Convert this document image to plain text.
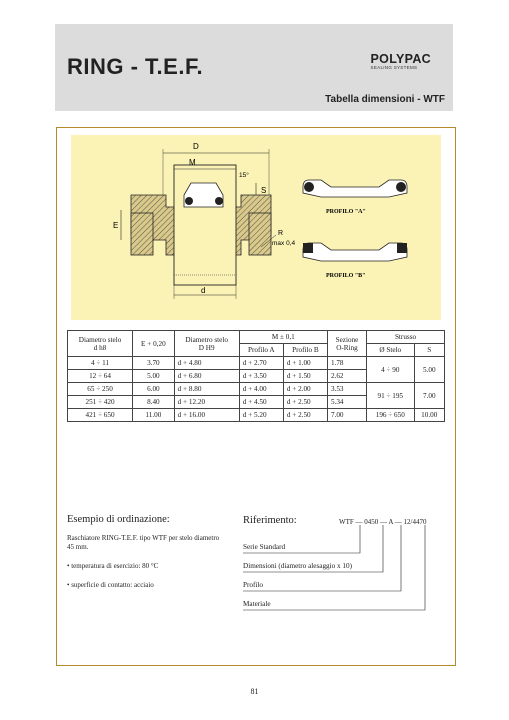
RING - T.E.F.	POLYPAC
SEALING SYSTEMS
Tabella dimensioni - WTF
D
M
15°
S
E
R
max 0,4
d
PROFILO "A"
PROFILO "B"
Diametro stelo
d h8	E + 0,20	Diametro stelo
D H9	M ± 0,1		Sezione
O-Ring	Strusso	
			Profilo A	Profilo B		Ø Stelo	S
4 ÷ 11	3.70	d + 4.80	d + 2.70	d + 1.00	1.78	4 ÷ 90	5.00
12 ÷ 64	5.00	d + 6.80	d + 3.50	d + 1.50	2.62		
65 ÷ 250	6.00	d + 8.80	d + 4.00	d + 2.00	3.53	91 ÷ 195	7.00
251 ÷ 420	8.40	d + 12.20	d + 4.50	d + 2.50	5.34		
421 ÷ 650	11.00	d + 16.00	d + 5.20	d + 2.50	7.00	196 ÷ 650	10.00
Esempio di ordinazione:

Raschiatore RING-T.E.F. tipo WTF per stelo diametro 45 mm.

• temperatura di esercizio: 80 °C

• superficie di contatto: acciaio

Riferimento:	WTF — 0450 — A — 12/4470
Serie Standard
Dimensioni (diametro alesaggio x 10)
Profilo
Materiale
81
